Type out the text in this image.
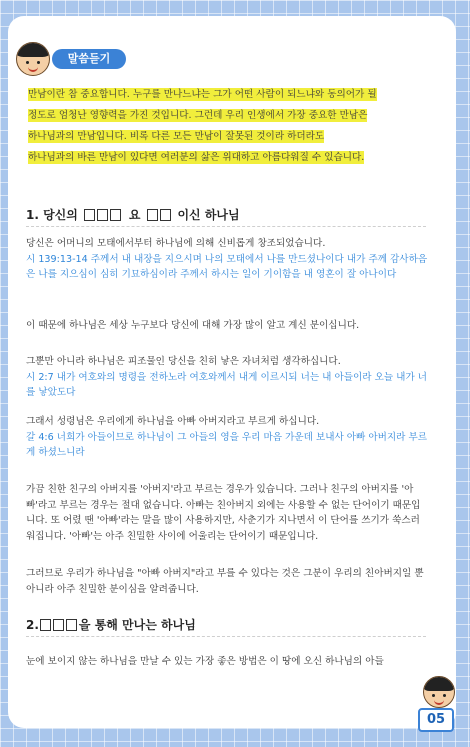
말씀듣기

만남이란 참 중요합니다. 누구를 만나느냐는 그가 어떤 사람이 되느냐와 동의어가 될
정도로 엄청난 영향력을 가진 것입니다. 그런데 우리 인생에서 가장 중요한 만남은
하나님과의 만남입니다. 비록 다른 모든 만남이 잘못된 것이라 하더라도
하나님과의 바른 만남이 있다면 여러분의 삶은 위대하고 아름다워질 수 있습니다.

1. 당신의	요	이신 하나님

당신은 어머니의 모태에서부터 하나님에 의해 신비롭게 창조되었습니다.
시 139:13-14 주께서 내 내장을 지으시며 나의 모태에서 나를 만드셨나이다 내가 주께 감사하음은 나를 지으심이 심히 기묘하심이라 주께서 하시는 일이 기이함을 내 영혼이 잘 아나이다

이 때문에 하나님은 세상 누구보다 당신에 대해 가장 많이 알고 계신 분이십니다.

그뿐만 아니라 하나님은 피조물인 당신을 친히 낳은 자녀처럼 생각하십니다.
시 2:7 내가 여호와의 명령을 전하노라 여호와께서 내게 이르시되 너는 내 아들이라 오늘 내가 너를 낳았도다

그래서 성령님은 우리에게 하나님을 아빠 아버지라고 부르게 하십니다.
갈 4:6 너희가 아들이므로 하나님이 그 아들의 영을 우리 마음 가운데 보내사 아빠 아버지라 부르게 하셨느니라

가끔 친한 친구의 아버지를 '아버지'라고 부르는 경우가 있습니다. 그러나 친구의 아버지를 '아빠'라고 부르는 경우는 절대 없습니다. 아빠는 친아버지 외에는 사용할 수 없는 단어이기 때문입니다. 또 어렸 땐 '아빠'라는 말을 많이 사용하지만, 사춘기가 지나면서 이 단어를 쓰기가 쑥스러워집니다. '아빠'는 아주 친밀한 사이에 어울리는 단어이기 때문입니다.

그러므로 우리가 하나님을 "아빠 아버지"라고 부를 수 있다는 것은 그분이 우리의 친아버지일 뿐 아니라 아주 친밀한 분이심을 알려줍니다.

2.	을 통해 만나는 하나님

눈에 보이지 않는 하나님을 만날 수 있는 가장 좋은 방법은 이 땅에 오신 하나님의 아들

05
